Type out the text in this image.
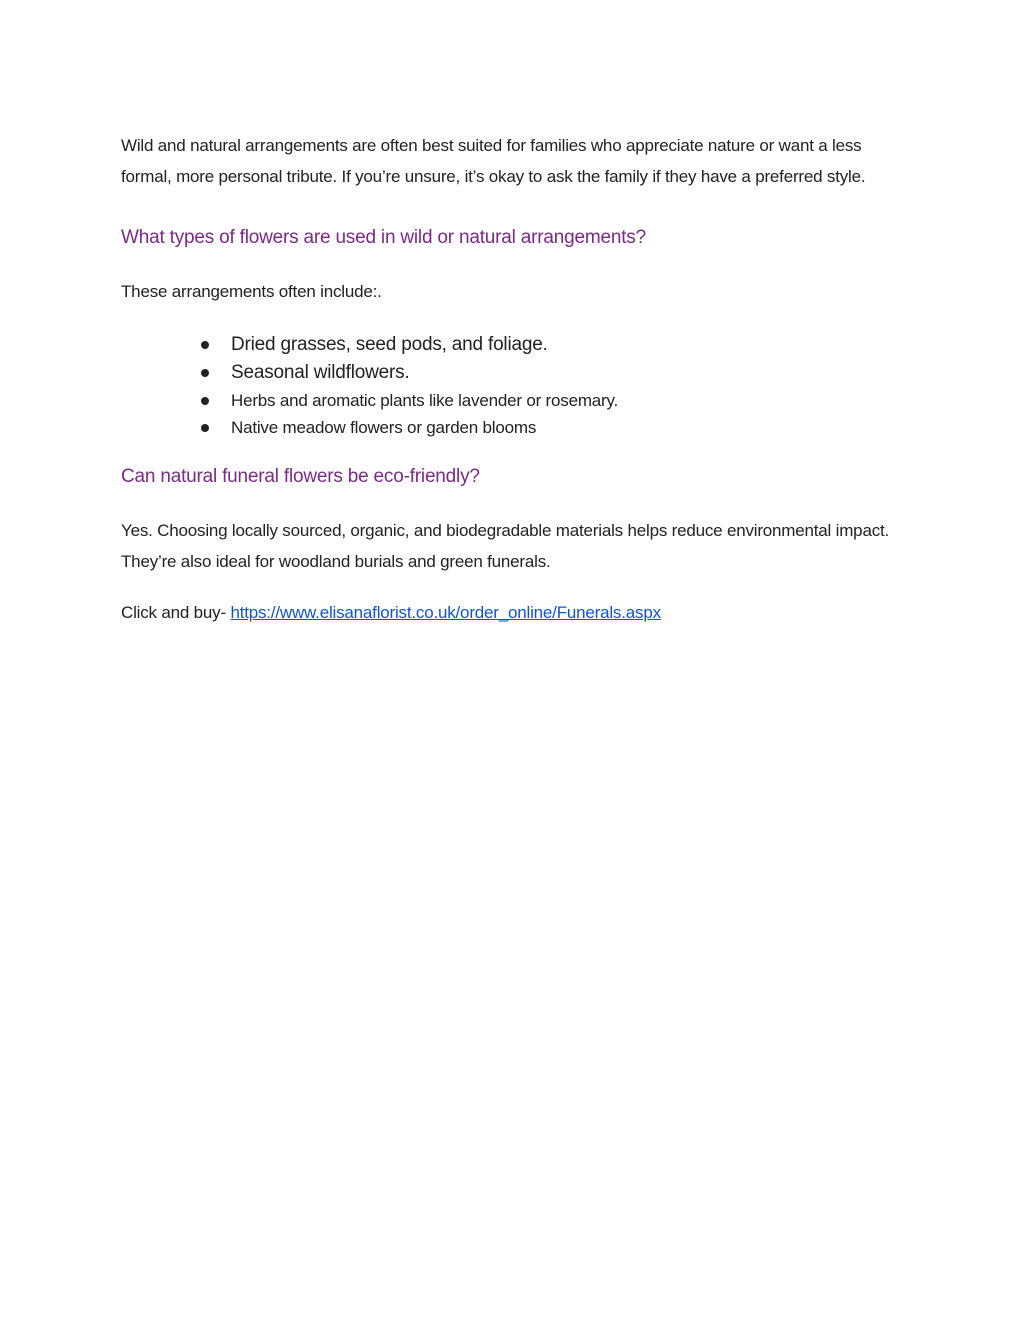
Wild and natural arrangements are often best suited for families who appreciate nature or want a less formal, more personal tribute. If you’re unsure, it’s okay to ask the family if they have a preferred style.

What types of flowers are used in wild or natural arrangements?

These arrangements often include:.

Dried grasses, seed pods, and foliage.
Seasonal wildflowers.
Herbs and aromatic plants like lavender or rosemary.
Native meadow flowers or garden blooms
Can natural funeral flowers be eco-friendly?

Yes. Choosing locally sourced, organic, and biodegradable materials helps reduce environmental impact. They’re also ideal for woodland burials and green funerals.

Click and buy- https://www.elisanaflorist.co.uk/order_online/Funerals.aspx
